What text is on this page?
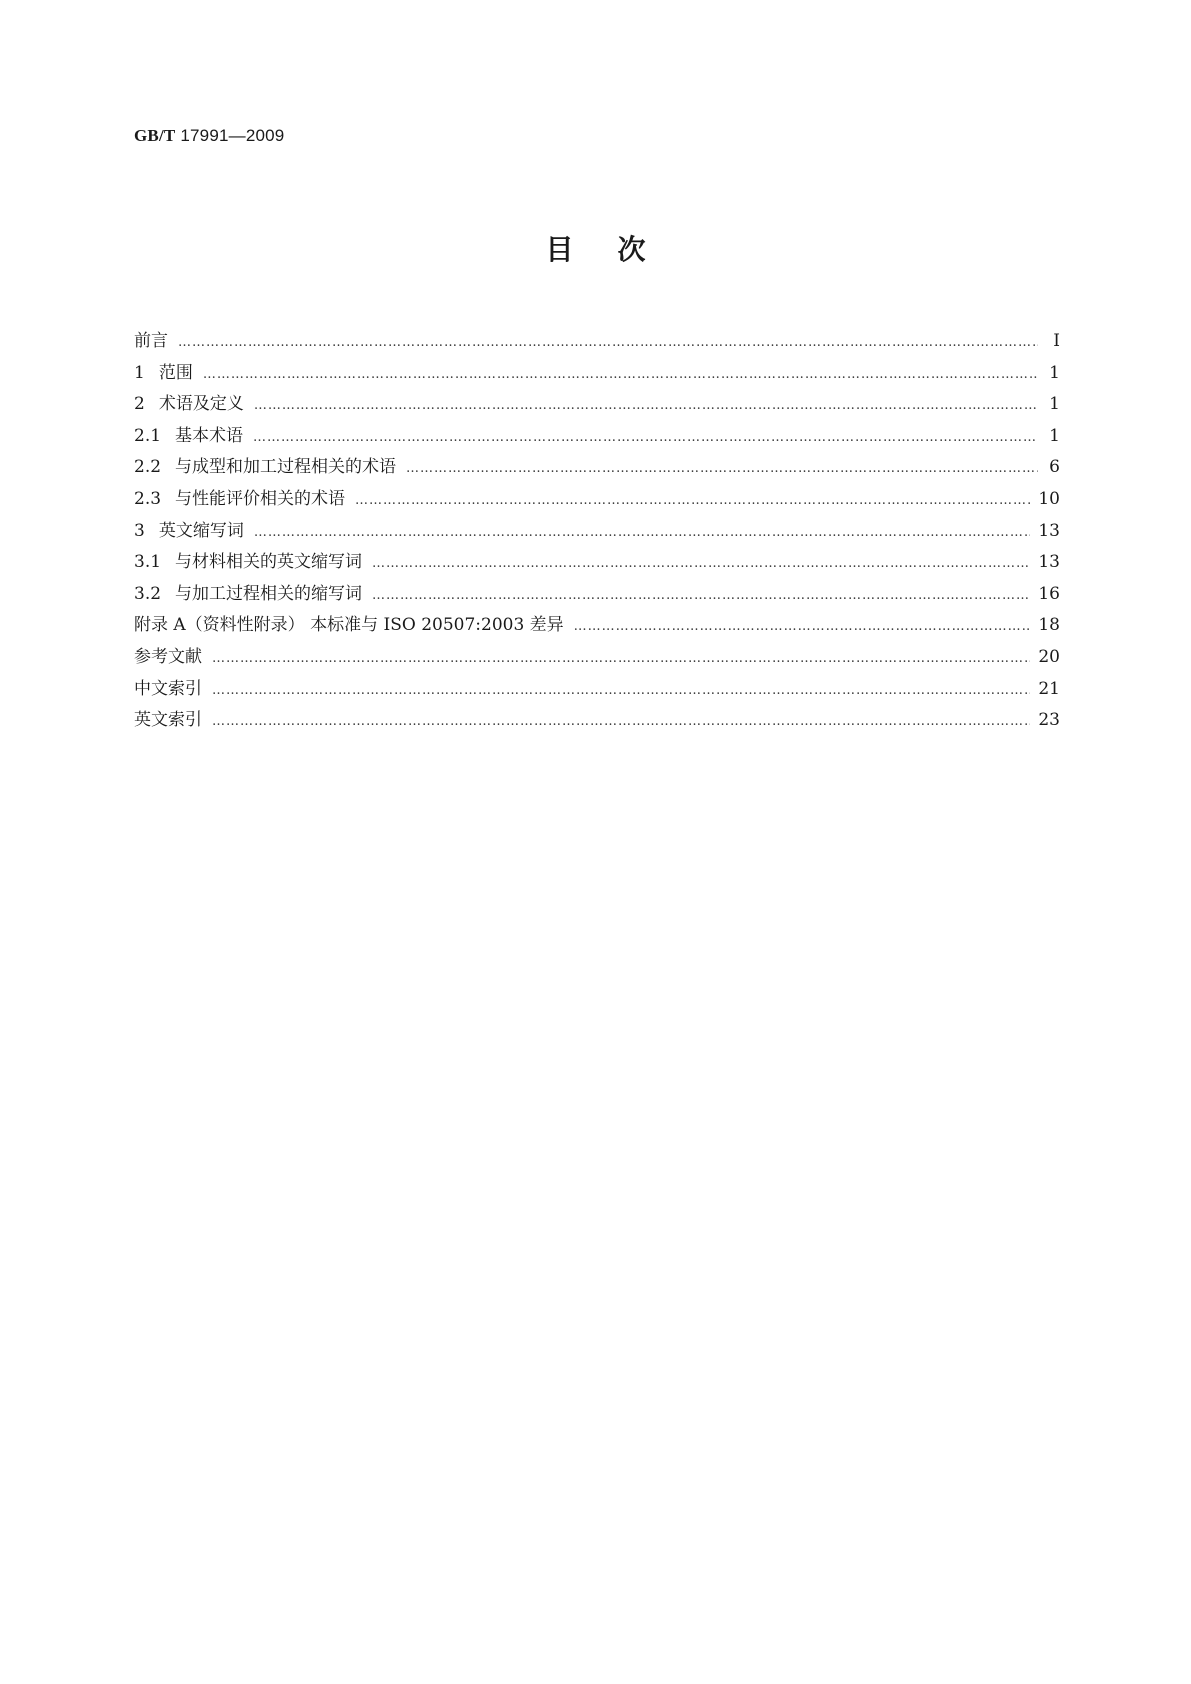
GB/T 17991—2009
目次
前言 ………………………………………………………………………………………………………………………………………………………………………………………………………………………………	Ⅰ
1 范围 ………………………………………………………………………………………………………………………………………………………………………………………………………………………………	1
2 术语及定义 ………………………………………………………………………………………………………………………………………………………………………………………………………………………………	1
2.1 基本术语 ………………………………………………………………………………………………………………………………………………………………………………………………………………………………	1
2.2 与成型和加工过程相关的术语 ………………………………………………………………………………………………………………………………………………………………………………………………………………………………	6
2.3 与性能评价相关的术语 ………………………………………………………………………………………………………………………………………………………………………………………………………………………………	10
3 英文缩写词 ………………………………………………………………………………………………………………………………………………………………………………………………………………………………	13
3.1 与材料相关的英文缩写词 ………………………………………………………………………………………………………………………………………………………………………………………………………………………………	13
3.2 与加工过程相关的缩写词 ………………………………………………………………………………………………………………………………………………………………………………………………………………………………	16
附录 A（资料性附录） 本标准与 ISO 20507:2003 差异 ………………………………………………………………………………………………………………………………………………………………………………………………………………………………	18
参考文献 ………………………………………………………………………………………………………………………………………………………………………………………………………………………………	20
中文索引 ………………………………………………………………………………………………………………………………………………………………………………………………………………………………	21
英文索引 ………………………………………………………………………………………………………………………………………………………………………………………………………………………………	23
